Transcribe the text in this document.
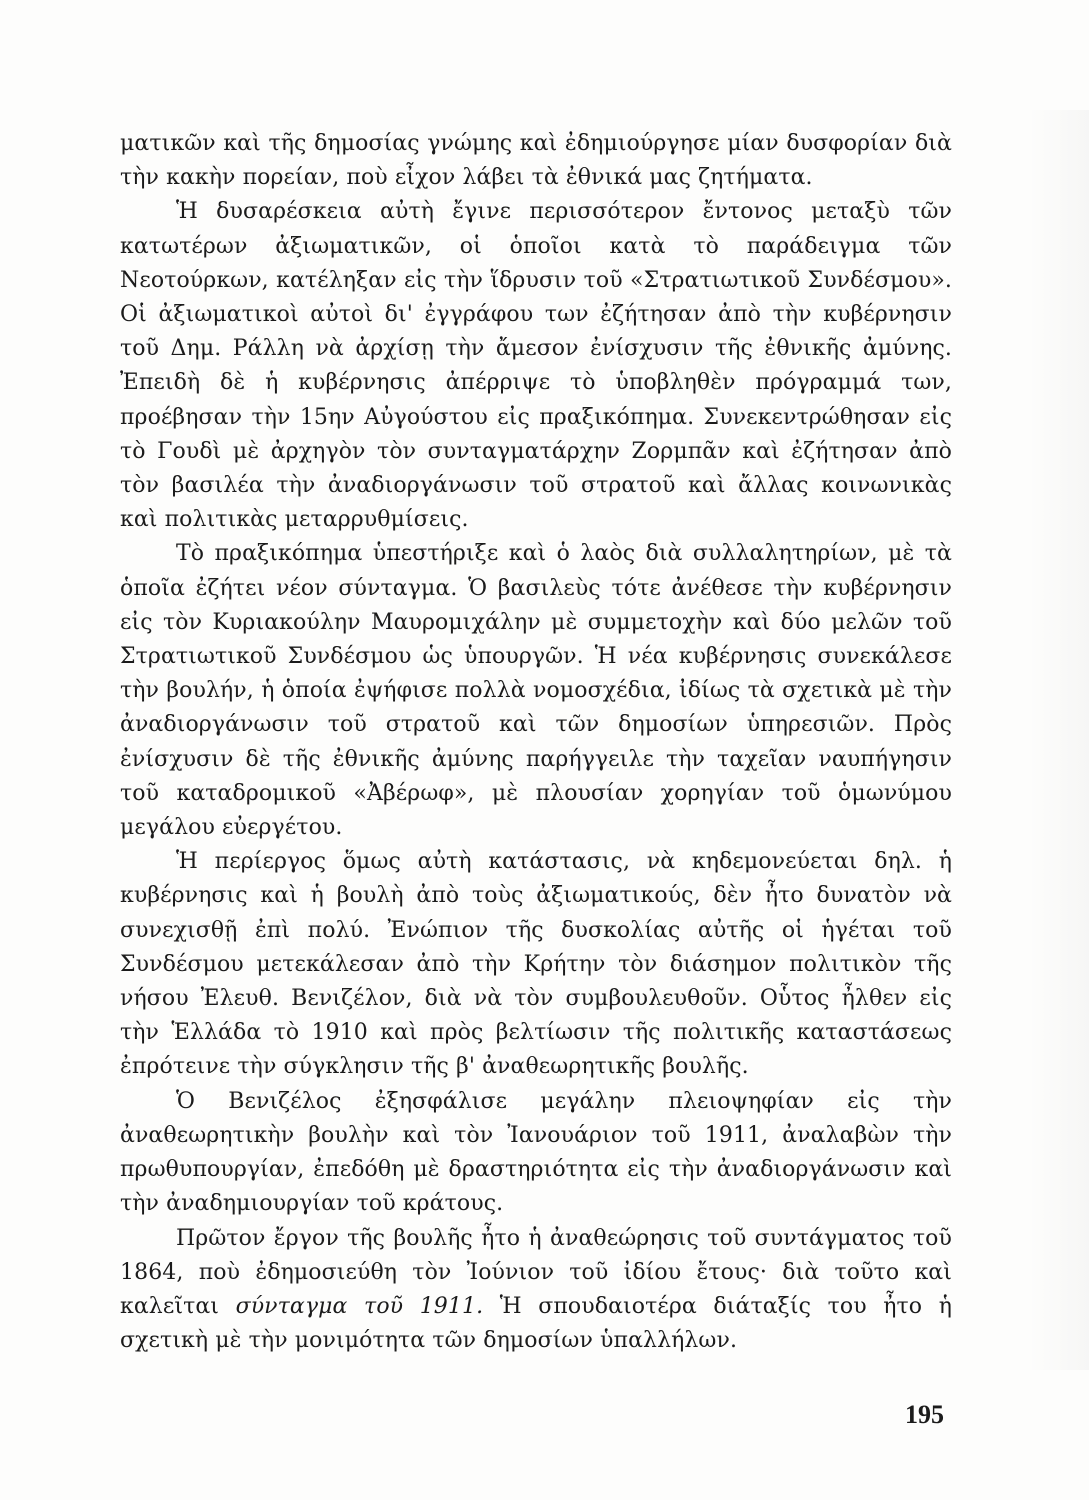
ματικῶν καὶ τῆς δημοσίας γνώμης καὶ ἐδημιούργησε μίαν δυσφορίαν διὰ τὴν κακὴν πορείαν, ποὺ εἶχον λάβει τὰ ἐθνικά μας ζητήματα.

Ἡ δυσαρέσκεια αὐτὴ ἔγινε περισσότερον ἔντονος μεταξὺ τῶν κατωτέρων ἀξιωματικῶν, οἱ ὁποῖοι κατὰ τὸ παράδειγμα τῶν Νεοτούρκων, κατέληξαν εἰς τὴν ἵδρυσιν τοῦ «Στρατιωτικοῦ Συνδέσμου». Οἱ ἀξιωματικοὶ αὐτοὶ δι' ἐγγράφου των ἐζήτησαν ἀπὸ τὴν κυβέρνησιν τοῦ Δημ. Ράλλη νὰ ἀρχίσῃ τὴν ἄμεσον ἐνίσχυσιν τῆς ἐθνικῆς ἀμύνης. Ἐπειδὴ δὲ ἡ κυβέρνησις ἀπέρριψε τὸ ὑποβληθὲν πρόγραμμά των, προέβησαν τὴν 15ην Αὐγούστου εἰς πραξικόπημα. Συνεκεντρώθησαν εἰς τὸ Γουδὶ μὲ ἀρχηγὸν τὸν συνταγματάρχην Ζορμπᾶν καὶ ἐζήτησαν ἀπὸ τὸν βασιλέα τὴν ἀναδιοργάνωσιν τοῦ στρατοῦ καὶ ἄλλας κοινωνικὰς καὶ πολιτικὰς μεταρρυθμίσεις.

Τὸ πραξικόπημα ὑπεστήριξε καὶ ὁ λαὸς διὰ συλλαλητηρίων, μὲ τὰ ὁποῖα ἐζήτει νέον σύνταγμα. Ὁ βασιλεὺς τότε ἀνέθεσε τὴν κυβέρνησιν εἰς τὸν Κυριακούλην Μαυρομιχάλην μὲ συμμετοχὴν καὶ δύο μελῶν τοῦ Στρατιωτικοῦ Συνδέσμου ὡς ὑπουργῶν. Ἡ νέα κυβέρνησις συνεκάλεσε τὴν βουλήν, ἡ ὁποία ἐψήφισε πολλὰ νομοσχέδια, ἰδίως τὰ σχετικὰ μὲ τὴν ἀναδιοργάνωσιν τοῦ στρατοῦ καὶ τῶν δημοσίων ὑπηρεσιῶν. Πρὸς ἐνίσχυσιν δὲ τῆς ἐθνικῆς ἀμύνης παρήγγειλε τὴν ταχεῖαν ναυπήγησιν τοῦ καταδρομικοῦ «Ἀβέρωφ», μὲ πλουσίαν χορηγίαν τοῦ ὁμωνύμου μεγάλου εὐεργέτου.

Ἡ περίεργος ὅμως αὐτὴ κατάστασις, νὰ κηδεμονεύεται δηλ. ἡ κυβέρνησις καὶ ἡ βουλὴ ἀπὸ τοὺς ἀξιωματικούς, δὲν ἦτο δυνατὸν νὰ συνεχισθῇ ἐπὶ πολύ. Ἐνώπιον τῆς δυσκολίας αὐτῆς οἱ ἡγέται τοῦ Συνδέσμου μετεκάλεσαν ἀπὸ τὴν Κρήτην τὸν διάσημον πολιτικὸν τῆς νήσου Ἐλευθ. Βενιζέλον, διὰ νὰ τὸν συμβουλευθοῦν. Οὗτος ἦλθεν εἰς τὴν Ἑλλάδα τὸ 1910 καὶ πρὸς βελτίωσιν τῆς πολιτικῆς καταστάσεως ἐπρότεινε τὴν σύγκλησιν τῆς β' ἀναθεωρητικῆς βουλῆς.

Ὁ Βενιζέλος ἐξησφάλισε μεγάλην πλειοψηφίαν εἰς τὴν ἀναθεωρητικὴν βουλὴν καὶ τὸν Ἰανουάριον τοῦ 1911, ἀναλαβὼν τὴν πρωθυπουργίαν, ἐπεδόθη μὲ δραστηριότητα εἰς τὴν ἀναδιοργάνωσιν καὶ τὴν ἀναδημιουργίαν τοῦ κράτους.

Πρῶτον ἔργον τῆς βουλῆς ἦτο ἡ ἀναθεώρησις τοῦ συντάγματος τοῦ 1864, ποὺ ἐδημοσιεύθη τὸν Ἰούνιον τοῦ ἰδίου ἔτους· διὰ τοῦτο καὶ καλεῖται σύνταγμα τοῦ 1911. Ἡ σπουδαιοτέρα διάταξίς του ἦτο ἡ σχετικὴ μὲ τὴν μονιμότητα τῶν δημοσίων ὑπαλλήλων.

195
